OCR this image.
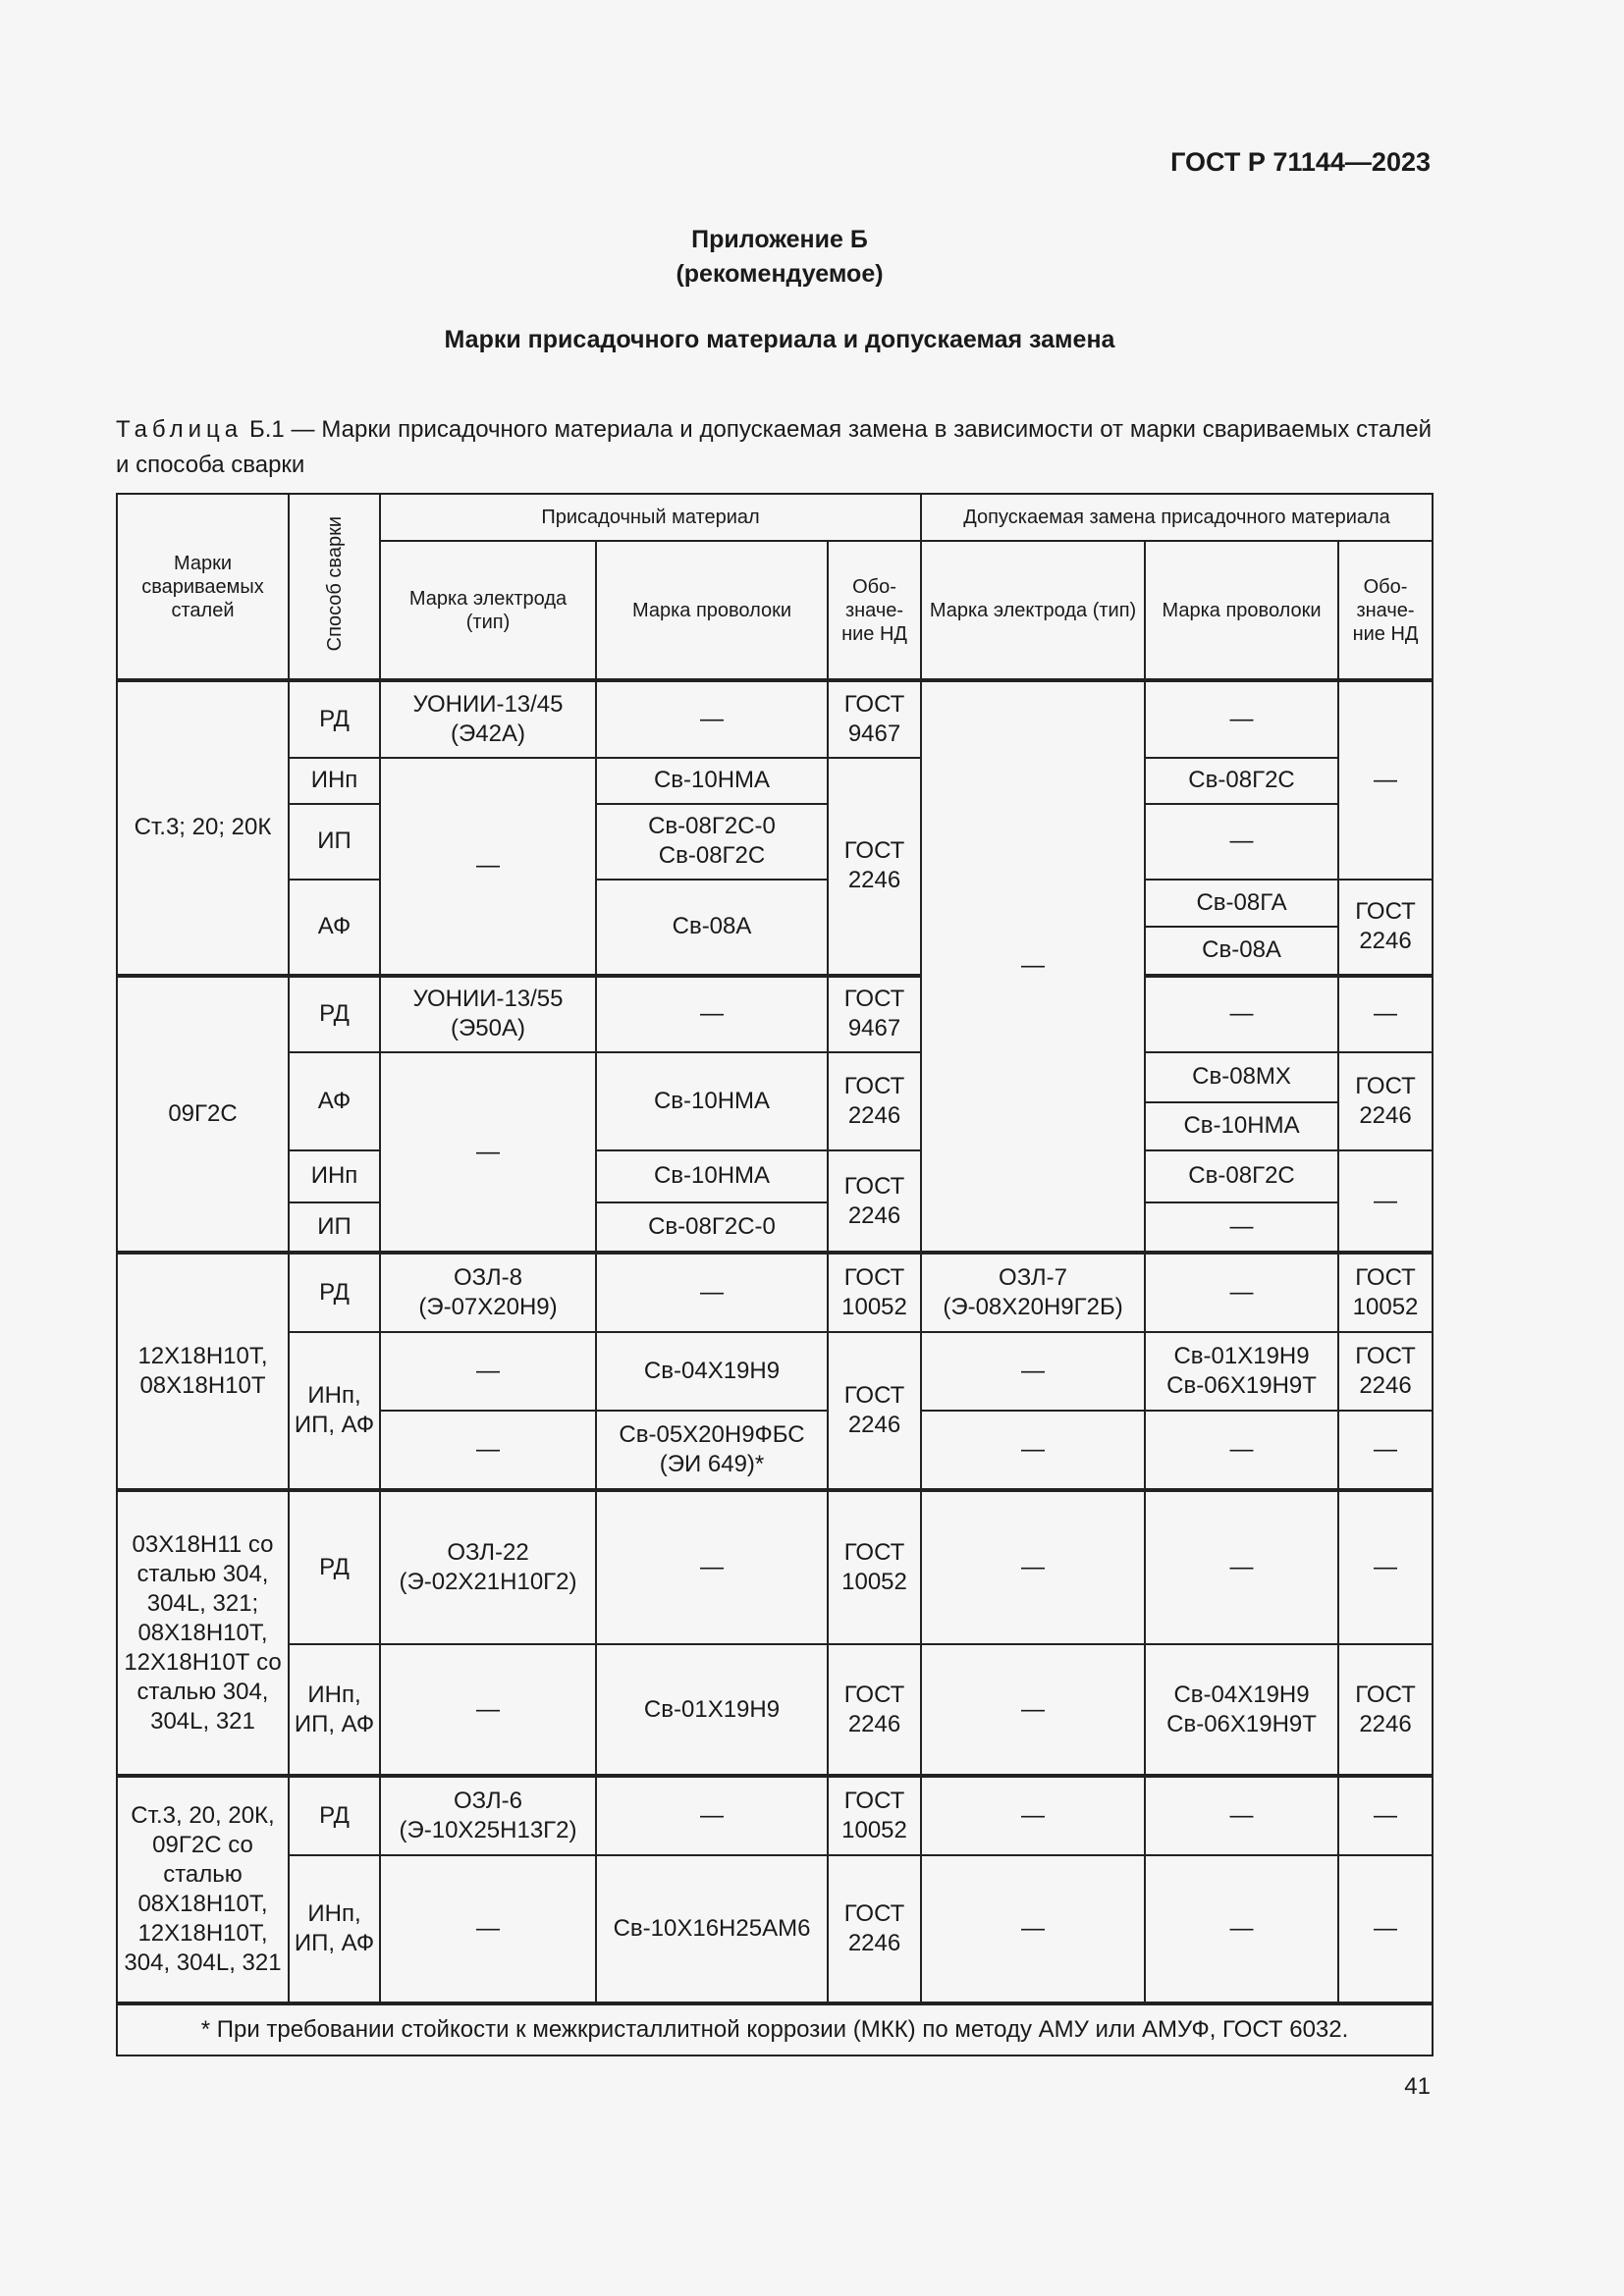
ГОСТ Р 71144—2023
Приложение Б
(рекомендуемое)
Марки присадочного материала и допускаемая замена
Таблица Б.1 — Марки присадочного материала и допускаемая замена в зависимости от марки свариваемых сталей и способа сварки
Марки свариваемых сталей	Способ сварки	Присадочный материал			Допускаемая замена присадочного материала		
		Марка электрода (тип)	Марка проволоки	Обо-значе-ние НД	Марка электрода (тип)	Марка проволоки	Обо-значе-ние НД
Ст.3; 20; 20К	РД	УОНИИ-13/45 (Э42А)	—	ГОСТ 9467	—	—	—
	ИНп	—	Св-10НМА	ГОСТ 2246		Св-08Г2С	
	ИП		Св-08Г2С-0 Св-08Г2С			—	
	АФ		Св-08А			Св-08ГА	ГОСТ 2246
						Св-08А	
09Г2С	РД	УОНИИ-13/55 (Э50А)	—	ГОСТ 9467		—	—
	АФ	—	Св-10НМА	ГОСТ 2246		Св-08МХ	ГОСТ 2246
						Св-10НМА	
	ИНп		Св-10НМА	ГОСТ 2246		Св-08Г2С	—
	ИП		Св-08Г2С-0			—	
12Х18Н10Т, 08Х18Н10Т	РД	ОЗЛ-8 (Э-07Х20Н9)	—	ГОСТ 10052	ОЗЛ-7 (Э-08Х20Н9Г2Б)	—	ГОСТ 10052
	ИНп, ИП, АФ	—	Св-04Х19Н9	ГОСТ 2246	—	Св-01Х19Н9 Св-06Х19Н9Т	ГОСТ 2246
		—	Св-05Х20Н9ФБС (ЭИ 649)*		—	—	—
03Х18Н11 со сталью 304, 304L, 321; 08Х18Н10Т, 12Х18Н10Т со сталью 304, 304L, 321	РД	ОЗЛ-22 (Э-02Х21Н10Г2)	—	ГОСТ 10052	—	—	—
	ИНп, ИП, АФ	—	Св-01Х19Н9	ГОСТ 2246	—	Св-04Х19Н9 Св-06Х19Н9Т	ГОСТ 2246
Ст.3, 20, 20К, 09Г2С со сталью 08Х18Н10Т, 12Х18Н10Т, 304, 304L, 321	РД	ОЗЛ-6 (Э-10Х25Н13Г2)	—	ГОСТ 10052	—	—	—
	ИНп, ИП, АФ	—	Св-10Х16Н25АМ6	ГОСТ 2246	—	—	—
* При требовании стойкости к межкристаллитной коррозии (МКК) по методу АМУ или АМУФ, ГОСТ 6032.							
41
